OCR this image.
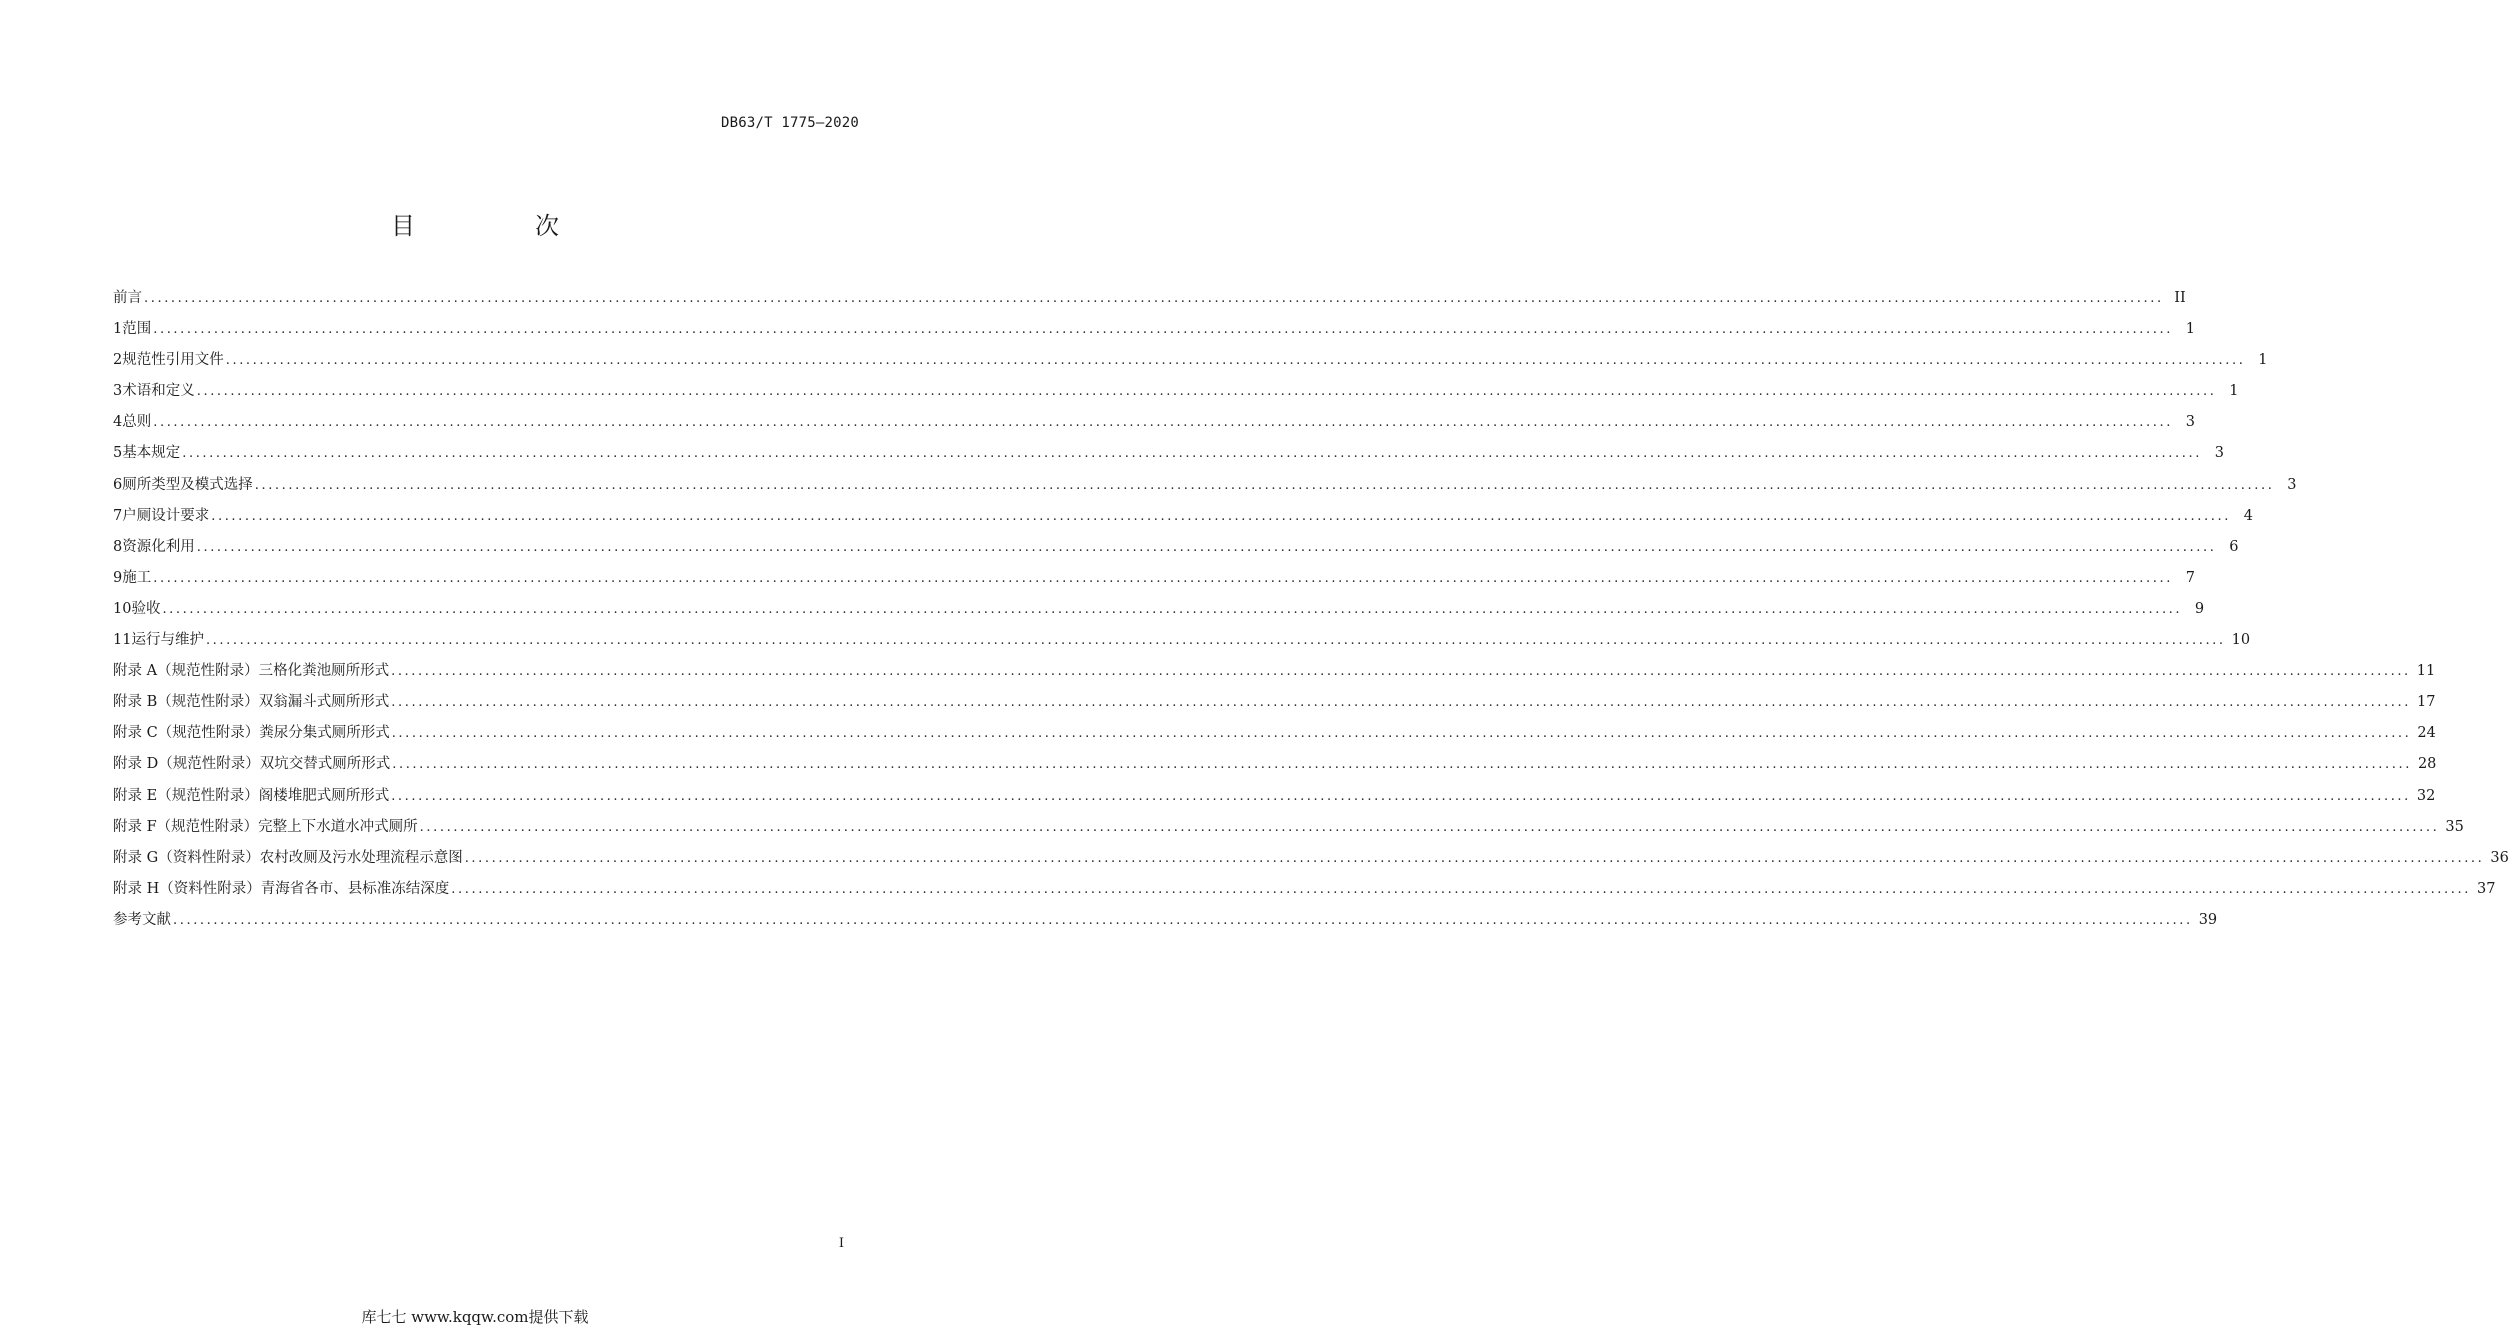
DB63/T 1775—2020
目　次
前言 ............................................................................................................................................................................................................................................................................................................ II
1 范围 ............................................................................................................................................................................................................................................................................................................ 1
2 规范性引用文件 ............................................................................................................................................................................................................................................................................................................ 1
3 术语和定义 ............................................................................................................................................................................................................................................................................................................ 1
4 总则 ............................................................................................................................................................................................................................................................................................................ 3
5 基本规定 ............................................................................................................................................................................................................................................................................................................ 3
6 厕所类型及模式选择 ............................................................................................................................................................................................................................................................................................................ 3
7 户厕设计要求 ............................................................................................................................................................................................................................................................................................................ 4
8 资源化利用 ............................................................................................................................................................................................................................................................................................................ 6
9 施工 ............................................................................................................................................................................................................................................................................................................ 7
10 验收 ............................................................................................................................................................................................................................................................................................................ 9
11 运行与维护 ............................................................................................................................................................................................................................................................................................................ 10
附录 A（规范性附录） 三格化粪池厕所形式 ............................................................................................................................................................................................................................................................................................................ 11
附录 B（规范性附录） 双翁漏斗式厕所形式 ............................................................................................................................................................................................................................................................................................................ 17
附录 C（规范性附录） 粪尿分集式厕所形式 ............................................................................................................................................................................................................................................................................................................ 24
附录 D（规范性附录） 双坑交替式厕所形式 ............................................................................................................................................................................................................................................................................................................ 28
附录 E（规范性附录） 阁楼堆肥式厕所形式 ............................................................................................................................................................................................................................................................................................................ 32
附录 F（规范性附录） 完整上下水道水冲式厕所 ............................................................................................................................................................................................................................................................................................................ 35
附录 G（资料性附录） 农村改厕及污水处理流程示意图 ............................................................................................................................................................................................................................................................................................................ 36
附录 H（资料性附录） 青海省各市、县标准冻结深度 ............................................................................................................................................................................................................................................................................................................ 37
参考文献 ............................................................................................................................................................................................................................................................................................................ 39
I
库七七 www.kqqw.com提供下载
